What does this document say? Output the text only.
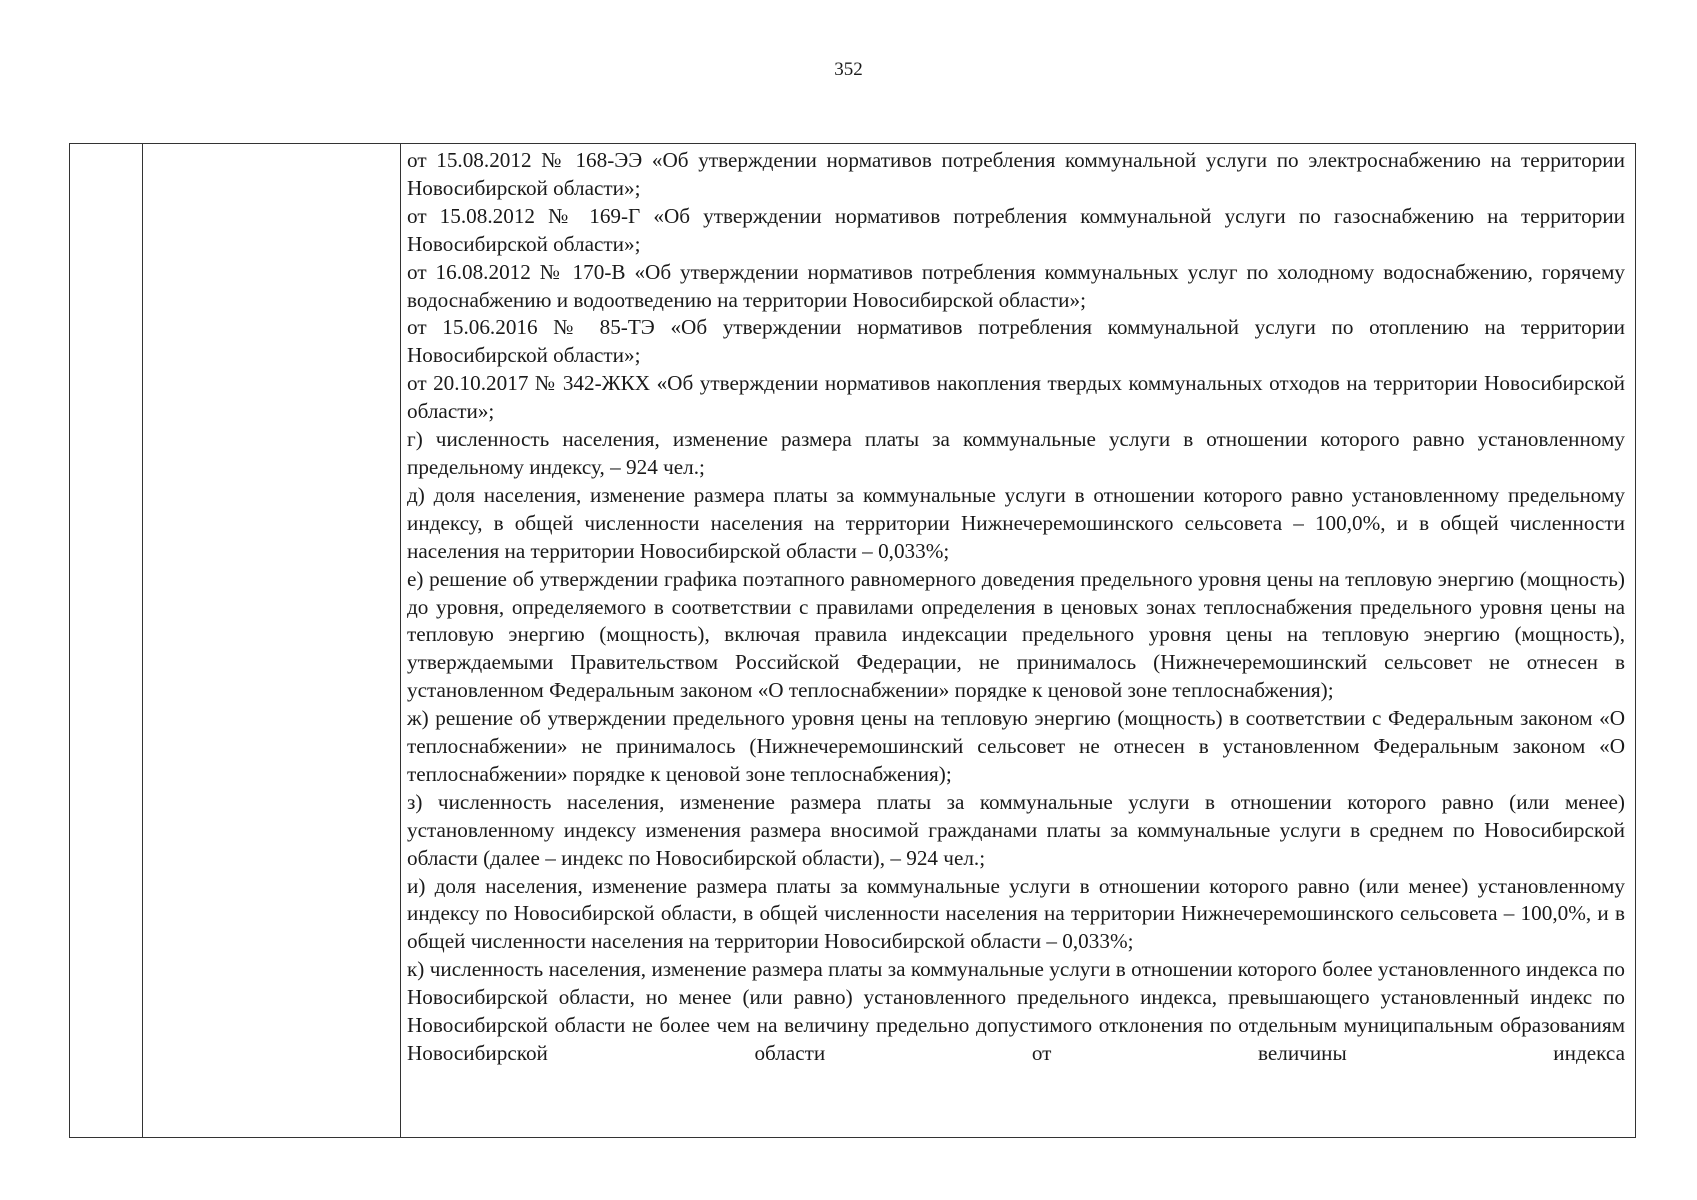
352

от 15.08.2012 № 168-ЭЭ «Об утверждении нормативов потребления коммунальной услуги по электроснабжению на территории Новосибирской области»;

от 15.08.2012 № 169-Г «Об утверждении нормативов потребления коммунальной услуги по газоснабжению на территории Новосибирской области»;

от 16.08.2012 № 170-В «Об утверждении нормативов потребления коммунальных услуг по холодному водоснабжению, горячему водоснабжению и водоотведению на территории Новосибирской области»;

от 15.06.2016 № 85-ТЭ «Об утверждении нормативов потребления коммунальной услуги по отоплению на территории Новосибирской области»;

от 20.10.2017 № 342-ЖКХ «Об утверждении нормативов накопления твердых коммунальных отходов на территории Новосибирской области»;

г) численность населения, изменение размера платы за коммунальные услуги в отношении которого равно установленному предельному индексу, – 924 чел.;

д) доля населения, изменение размера платы за коммунальные услуги в отношении которого равно установленному предельному индексу, в общей численности населения на территории Нижнечеремошинского сельсовета – 100,0%, и в общей численности населения на территории Новосибирской области – 0,033%;

е) решение об утверждении графика поэтапного равномерного доведения предельного уровня цены на тепловую энергию (мощность) до уровня, определяемого в соответствии с правилами определения в ценовых зонах теплоснабжения предельного уровня цены на тепловую энергию (мощность), включая правила индексации предельного уровня цены на тепловую энергию (мощность), утверждаемыми Правительством Российской Федерации, не принималось (Нижнечеремошинский сельсовет не отнесен в установленном Федеральным законом «О теплоснабжении» порядке к ценовой зоне теплоснабжения);

ж) решение об утверждении предельного уровня цены на тепловую энергию (мощность) в соответствии с Федеральным законом «О теплоснабжении» не принималось (Нижнечеремошинский сельсовет не отнесен в установленном Федеральным законом «О теплоснабжении» порядке к ценовой зоне теплоснабжения);

з) численность населения, изменение размера платы за коммунальные услуги в отношении которого равно (или менее) установленному индексу изменения размера вносимой гражданами платы за коммунальные услуги в среднем по Новосибирской области (далее – индекс по Новосибирской области), – 924 чел.;

и) доля населения, изменение размера платы за коммунальные услуги в отношении которого равно (или менее) установленному индексу по Новосибирской области, в общей численности населения на территории Нижнечеремошинского сельсовета – 100,0%, и в общей численности населения на территории Новосибирской области – 0,033%;

к) численность населения, изменение размера платы за коммунальные услуги в отношении которого более установленного индекса по Новосибирской области, но менее (или равно) установленного предельного индекса, превышающего установленный индекс по Новосибирской области не более чем на величину предельно допустимого отклонения по отдельным муниципальным образованиям Новосибирской области от величины индекса
